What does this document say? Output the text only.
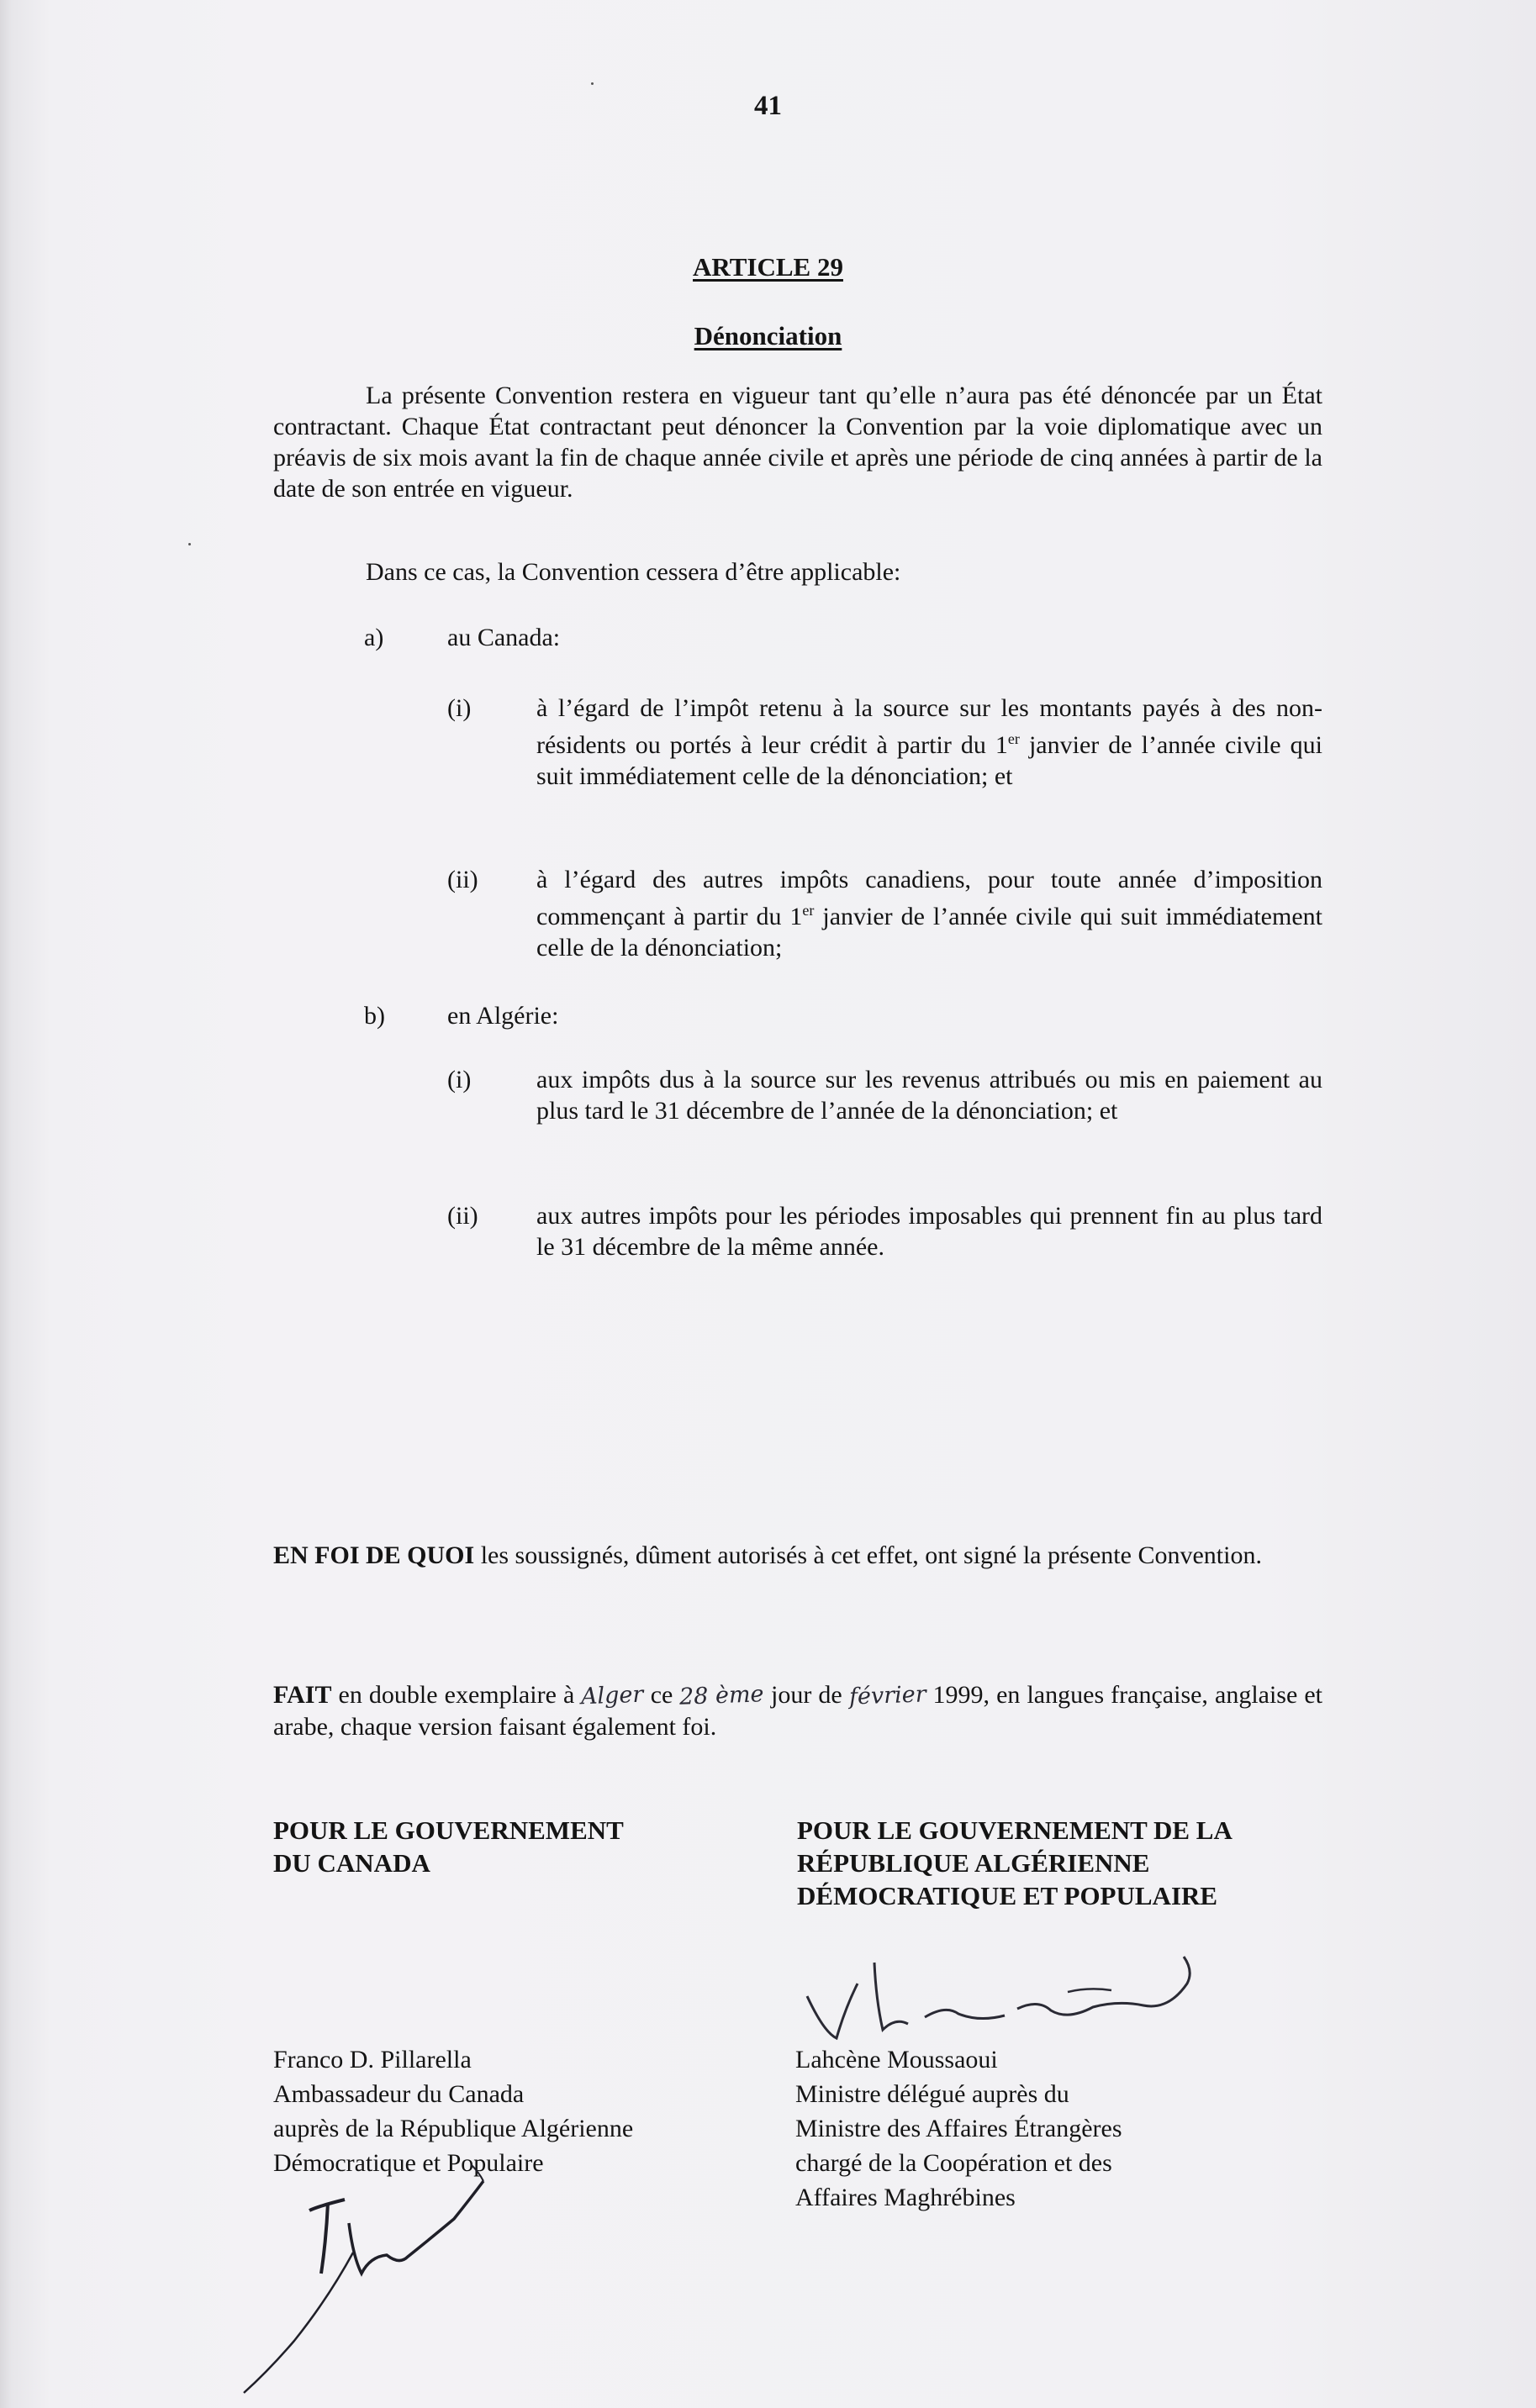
41
ARTICLE 29
Dénonciation

La présente Convention restera en vigueur tant qu’elle n’aura pas été dénoncée par un État contractant. Chaque État contractant peut dénoncer la Convention par la voie diplomatique avec un préavis de six mois avant la fin de chaque année civile et après une période de cinq années à partir de la date de son entrée en vigueur.

Dans ce cas, la Convention cessera d’être applicable:

a)	au Canada:
(i)	à l’égard de l’impôt retenu à la source sur les montants payés à des non-résidents ou portés à leur crédit à partir du 1er janvier de l’année civile qui suit immédiatement celle de la dénonciation; et

(ii) à l’égard des autres impôts canadiens, pour toute année d’imposition commençant à partir du 1er janvier de l’année civile qui suit immédiatement celle de la dénonciation;

b) en Algérie:
(i)	aux impôts dus à la source sur les revenus attribués ou mis en paiement au plus tard le 31 décembre de l’année de la dénonciation; et

(ii) aux autres impôts pour les périodes imposables qui prennent fin au plus tard le 31 décembre de la même année.

EN FOI DE QUOI les soussignés, dûment autorisés à cet effet, ont signé la présente Convention.

FAIT en double exemplaire à Alger ce 28 ème jour de février 1999, en langues française, anglaise et arabe, chaque version faisant également foi.

POUR LE GOUVERNEMENT
DU CANADA
POUR LE GOUVERNEMENT DE LA
RÉPUBLIQUE ALGÉRIENNE
DÉMOCRATIQUE ET POPULAIRE
Franco D. Pillarella
Ambassadeur du Canada
auprès de la République Algérienne
Démocratique et Populaire
Lahcène Moussaoui
Ministre délégué auprès du
Ministre des Affaires Étrangères
chargé de la Coopération et des
Affaires Maghrébines
